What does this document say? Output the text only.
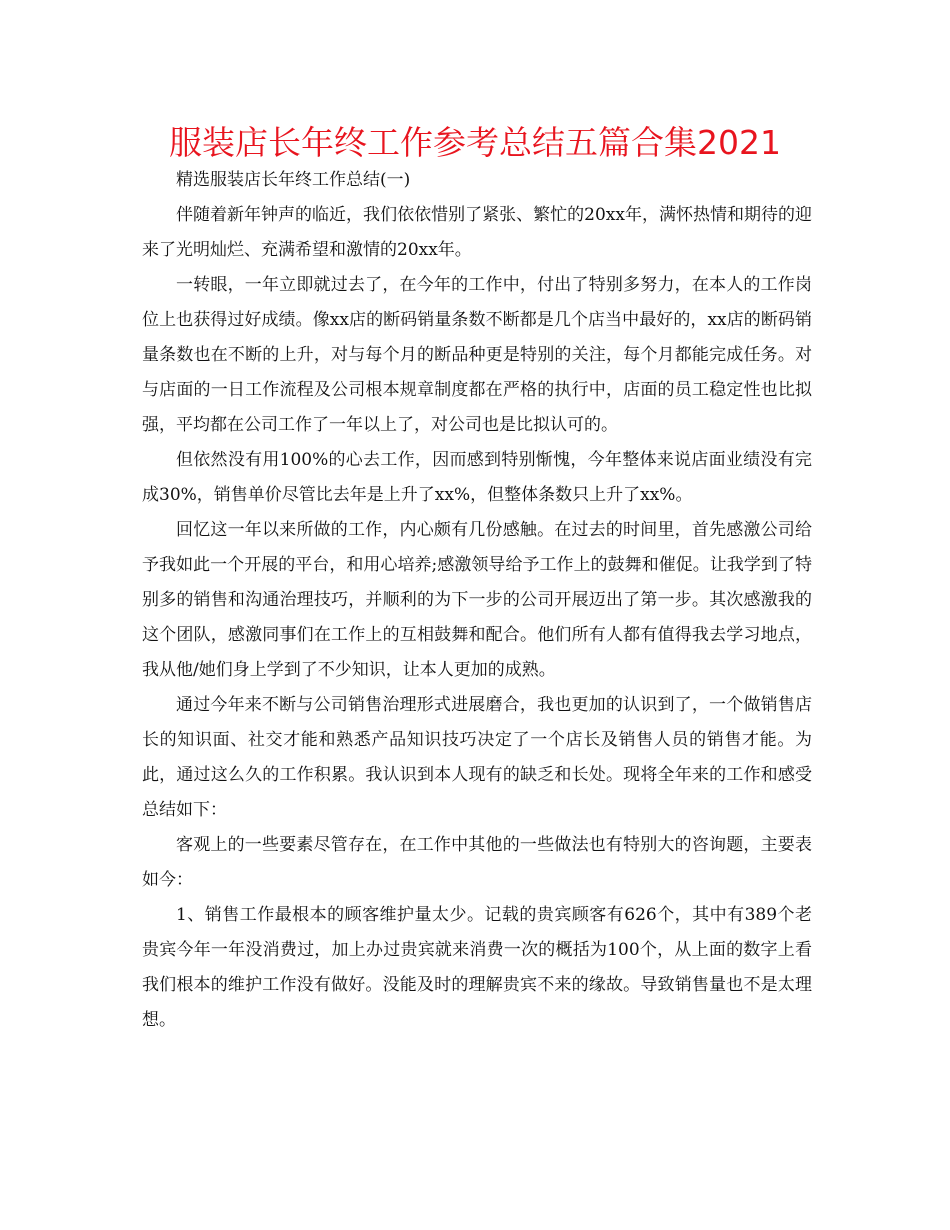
服装店长年终工作参考总结五篇合集2021

精选服装店长年终工作总结(一)

伴随着新年钟声的临近，我们依依惜别了紧张、繁忙的20xx年，满怀热情和期待的迎来了光明灿烂、充满希望和激情的20xx年。

一转眼，一年立即就过去了，在今年的工作中，付出了特别多努力，在本人的工作岗位上也获得过好成绩。像xx店的断码销量条数不断都是几个店当中最好的，xx店的断码销量条数也在不断的上升，对与每个月的断品种更是特别的关注，每个月都能完成任务。对与店面的一日工作流程及公司根本规章制度都在严格的执行中，店面的员工稳定性也比拟强，平均都在公司工作了一年以上了，对公司也是比拟认可的。

但依然没有用100%的心去工作，因而感到特别惭愧，今年整体来说店面业绩没有完成30%，销售单价尽管比去年是上升了xx%，但整体条数只上升了xx%。

回忆这一年以来所做的工作，内心颇有几份感触。在过去的时间里，首先感激公司给予我如此一个开展的平台，和用心培养;感激领导给予工作上的鼓舞和催促。让我学到了特别多的销售和沟通治理技巧，并顺利的为下一步的公司开展迈出了第一步。其次感激我的这个团队，感激同事们在工作上的互相鼓舞和配合。他们所有人都有值得我去学习地点，我从他/她们身上学到了不少知识，让本人更加的成熟。

通过今年来不断与公司销售治理形式进展磨合，我也更加的认识到了，一个做销售店长的知识面、社交才能和熟悉产品知识技巧决定了一个店长及销售人员的销售才能。为此，通过这么久的工作积累。我认识到本人现有的缺乏和长处。现将全年来的工作和感受总结如下：

客观上的一些要素尽管存在，在工作中其他的一些做法也有特别大的咨询题，主要表如今：

1、销售工作最根本的顾客维护量太少。记载的贵宾顾客有626个，其中有389个老贵宾今年一年没消费过，加上办过贵宾就来消费一次的概括为100个，从上面的数字上看我们根本的维护工作没有做好。没能及时的理解贵宾不来的缘故。导致销售量也不是太理想。
